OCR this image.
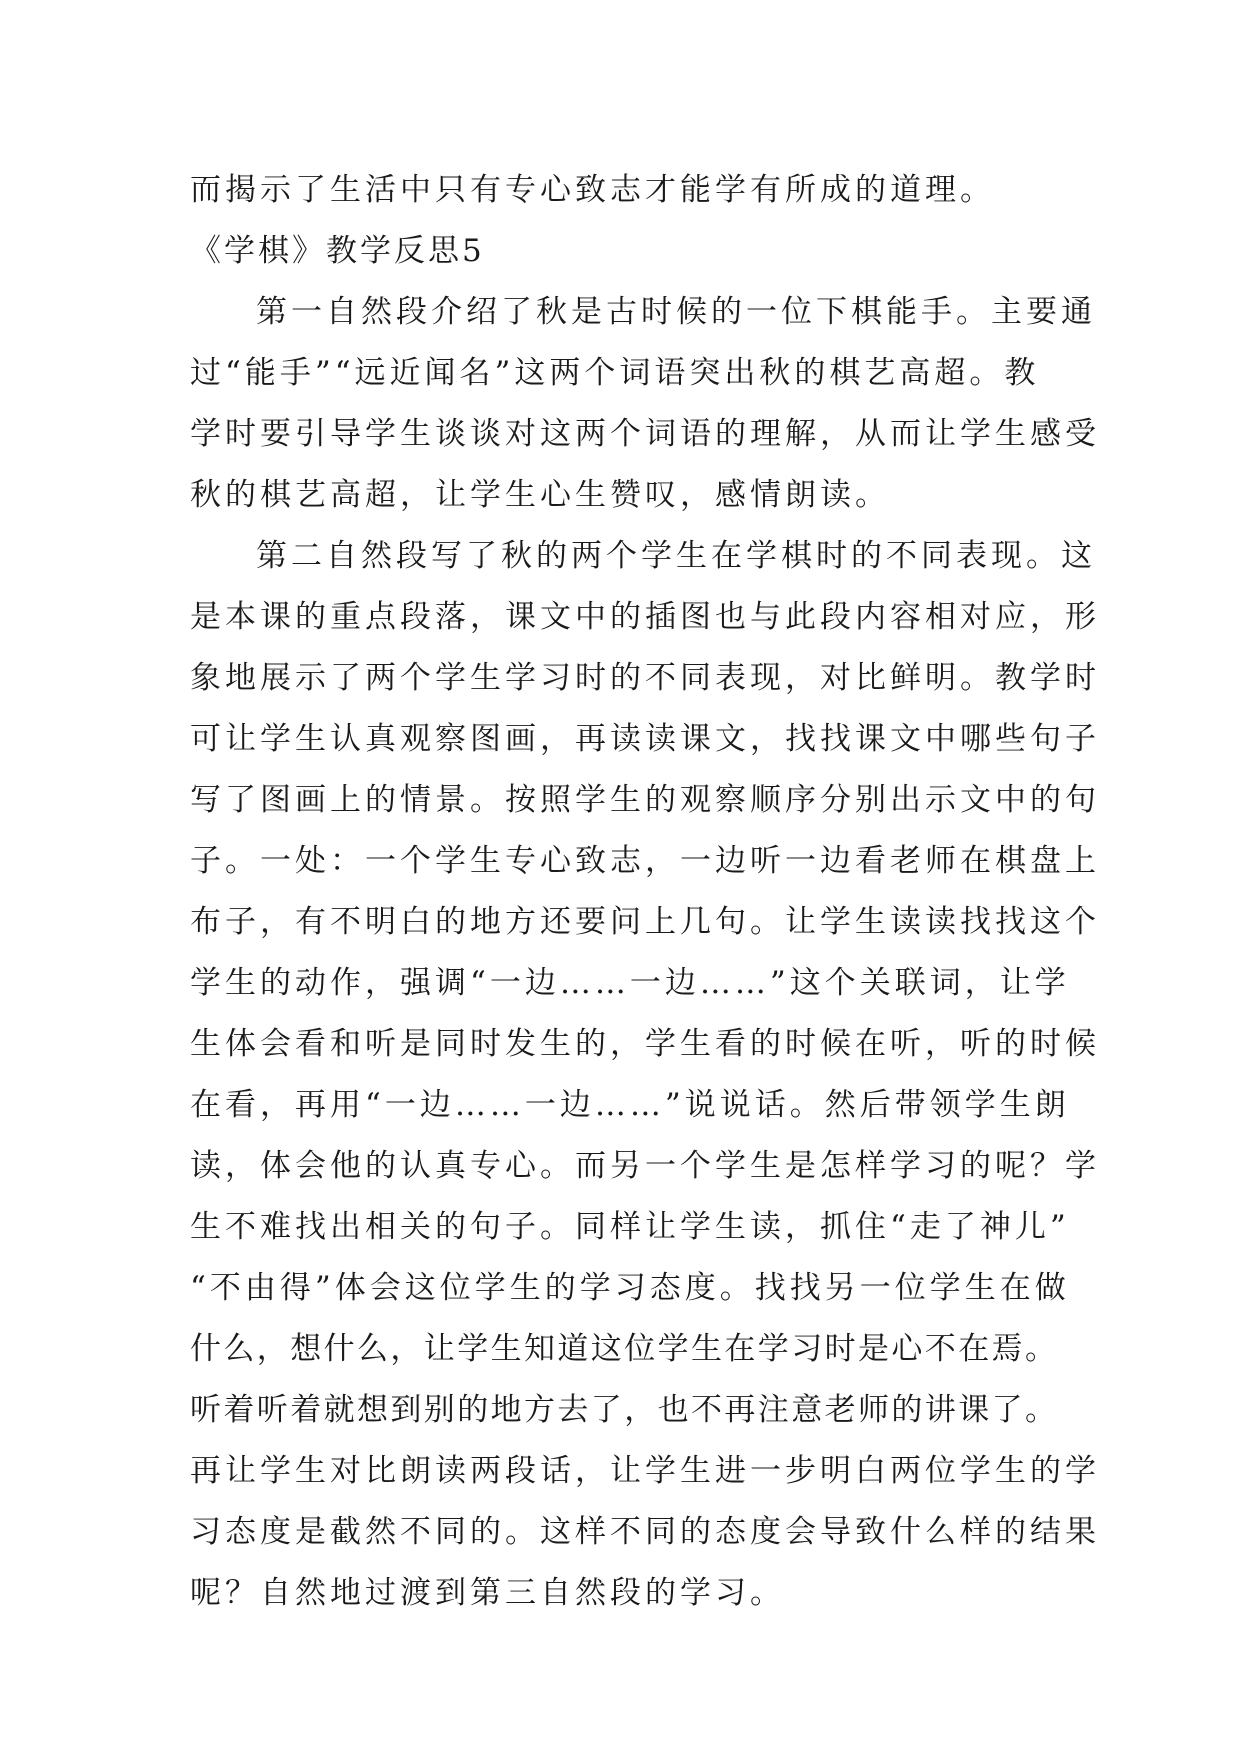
而揭示了生活中只有专心致志才能学有所成的道理。
《学棋》教学反思5
第一自然段介绍了秋是古时候的一位下棋能手。主要通
过“能手”“远近闻名”这两个词语突出秋的棋艺高超。教
学时要引导学生谈谈对这两个词语的理解，从而让学生感受
秋的棋艺高超，让学生心生赞叹，感情朗读。
第二自然段写了秋的两个学生在学棋时的不同表现。这
是本课的重点段落，课文中的插图也与此段内容相对应，形
象地展示了两个学生学习时的不同表现，对比鲜明。教学时
可让学生认真观察图画，再读读课文，找找课文中哪些句子
写了图画上的情景。按照学生的观察顺序分别出示文中的句
子。一处：一个学生专心致志，一边听一边看老师在棋盘上
布子，有不明白的地方还要问上几句。让学生读读找找这个
学生的动作，强调“一边……一边……”这个关联词，让学
生体会看和听是同时发生的，学生看的时候在听，听的时候
在看，再用“一边……一边……”说说话。然后带领学生朗
读，体会他的认真专心。而另一个学生是怎样学习的呢？学
生不难找出相关的句子。同样让学生读，抓住“走了神儿”
“不由得”体会这位学生的学习态度。找找另一位学生在做
什么，想什么，让学生知道这位学生在学习时是心不在焉。
听着听着就想到别的地方去了，也不再注意老师的讲课了。
再让学生对比朗读两段话，让学生进一步明白两位学生的学
习态度是截然不同的。这样不同的态度会导致什么样的结果
呢？自然地过渡到第三自然段的学习。
